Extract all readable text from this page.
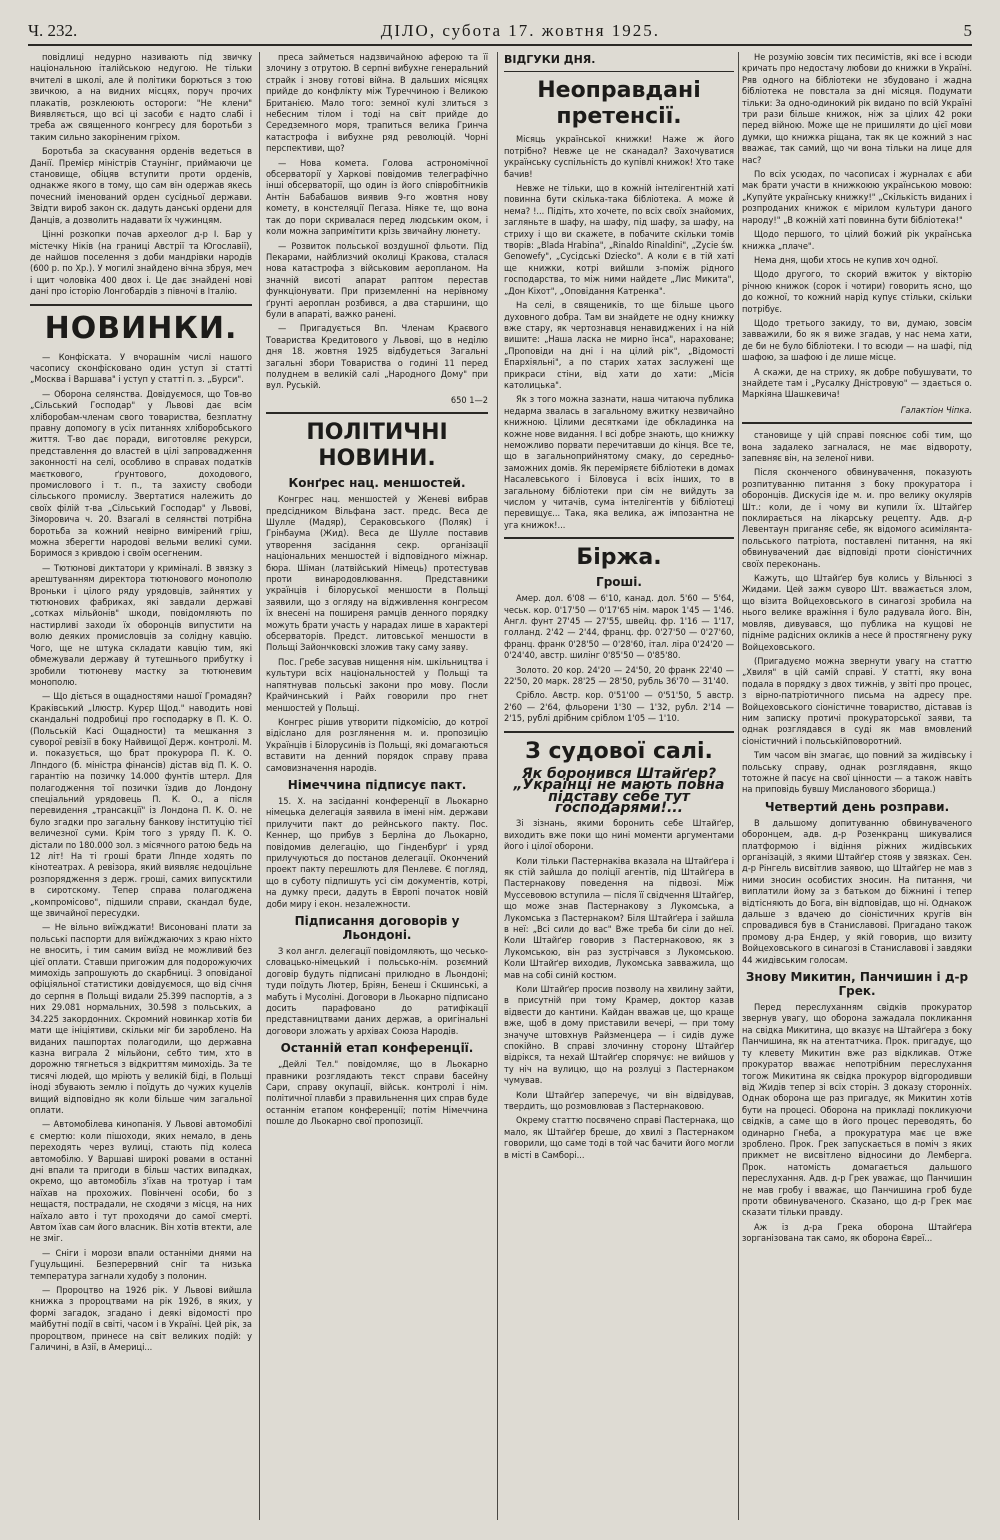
Ч. 232.	ДІЛО, субота 17. жовтня 1925.	5

повідлиці недурно називають під звичку національною італійською недугою. Не тільки вчителі в школі, але й політики борються з тою звичкою, а на видних місцях, поруч прочих плакатів, розклеюють остороги: "Не клени" Виявляється, що всі ці засоби є надто слабі і треба аж священного конгресу для боротьби з таким сильно закоріненим гріхом.

Боротьба за скасування орденів ведеться в Данії. Премієр міністрів Стаунінг, приймаючи це становище, обіцяв вступити проти орденів, однакже якого в тому, що сам він одержав якесь почесний іменований орден сусідньої держави. Звідти вироб закон ск. дадуть данські ордени для Данців, а дозволить надавати їх чужинцям.

Цінні розкопки почав археолог д-р І. Бар у містечку Ніків (на границі Австрії та Югославії), де найшов поселення з доби мандрівки народів (600 р. по Хр.). У могилі знайдено вічна збруя, меч і щит чоловіка 400 двох і. Це дає знайдені нові дані про історію Лонгобардів з півночі в Італію.

НОВИНКИ.

— Конфіската. У вчорашнім числі нашого часопису сконфісковано один уступ зі статті „Москва і Варшава" і уступ у статті п. з. „Бурси".

— Оборона селянства. Довідуємося, що Тов-во „Сільський Господар" у Львові дає всім хліборобам-членам свого товариства, безплатну правну допомогу в усіх питаннях хліборобського життя. Т-во дає поради, виготовляє рекурси, представлення до властей в цілі запровадження законності на селі, особливо в справах податків маєткового, ґрунтового, доходового, промислового і т. п., та захисту свободи сільського промислу. Звертатися належить до своїх філій т-ва „Сільський Господар" у Львові, Зіморовича ч. 20. Взагалі в селянстві потрібна боротьба за кожний невірно вимірений гріш, можна зберегти народові вельми великі суми. Боримося з кривдою і своїм осегненим.

— Тютюнові диктатори у криміналі. В звязку з арештуванням директора тютюнового монополю Вроньки і цілого ряду урядовців, зайнятих у тютюнових фабриках, якi завдали державі „сотках мільйонів" шкоди, повідомляють по настирливі заходи їх оборонців випустити на волю деяких промисловців за солідну кавцію. Чого, ще не штука складати кавцію тим, які обмежували державу й тутешнього прибутку і зробили тютюневу мастку за тютюневим монополю.

— Що діється в ощадностями нашої Громадян? Краківський „Ілюстр. Курєр Щод." наводить нові скандальні подробиці про господарку в П. К. О. (Польській Касі Ощадности) та мешкання з суворої ревізії в боку Найвищої Держ. контролі. М. и. показується, що брат прокурора П. К. О. Лпндого (б. міністра фінансів) дістав від П. К. О. гарантію на позичку 14.000 фунтів штерл. Для полагодження тої позички їздив до Лондону спеціальний урядовець П. К. О., а після перевидення „трансакції" із Лондона П. К. О. не було згадки про загальну банкову інституцію тієї величезної суми. Крім того з уряду П. К. О. дістали по 180.000 зол. з місячного ратою бедь на 12 літ! На ті гроші брати Лпнде ходять по кінотеатрах. А ревізора, який виявляє недоцільне розпорядження з держ. гроші, самих випусктили в сиротскому. Тепер справа полагоджена „компромісово", підшили справи, скандал буде, ще звичайної пересудки.

— Не вільно виїжджати! Висоновані плати за польські паспорти для виїжджаючих з краю ніхто не вносить, і тим самим виїзд не можливий без цієї оплати. Ставши пригожим для подорожуючих мимохідь запрошують до скарбниці. З оповіданої офіціяльної статистики довідуємося, що від січня до серпня в Польщі видали 25.399 паспортів, а з них 29.081 нормальних, 30.598 з польських, а 34.225 закордонних. Скромний новинкар хотів би мати ще ініціятиви, скільки міг би зароблено. На виданих пашпортах полагодили, що державна казна виграла 2 мільйони, себто тим, хто в дорожню тягнеться з відкриттям мимохідь. За те тисячі людей, що мріють у великій біді, в Польщі іноді збувають землю і поїдуть до чужих куцелів вищий відповідно як коли більше чим загальної оплати.

— Автомобілева кинопанія. У Львові автомобілі є смертю: коли пішоходи, яких немало, в день переходять через вулиці, стають під колеса автомобілю. У Варшаві широкі ровами в останні дні впали та пригоди в більш частих випадках, окремо, що автомобіль з'їхав на тротуар і там наїхав на прохожих. Повінчені особи, бо з нещастя, пострадали, не сходячи з місця, на них наїхало авто і тут проходячи до самої смерті. Автом їхав сам його власник. Він хотів втекти, але не зміг.

— Сніги і морози впали останніми днями на Гуцульщині. Безперервний сніг та низька температура загнали худобу з полонин.

— Пророцтво на 1926 рік. У Львові вийшла книжка з пророцтвами на рік 1926, в яких, у формі загадок, згадано і деякі відомості про майбутні події в світі, часом і в Україні. Цей рік, за пророцтвом, принесе на світ великих подій: у Галичині, в Азії, в Америці...

преса займеться надзвичайною аферою та її злочину з отрутою. В серпні вибухне генеральний страйк і знову готові війна. В дальших місяцях прийде до конфлікту між Туреччиною і Великою Британією. Мало того: земної кулі злиться з небесним тілом і тоді на світ прийде до Середземного моря, трапиться велика Гринча катастрофа і вибухне ряд революцій. Чорні перспективи, що?

— Нова комета. Голова астрономічної обсерваторії у Харкові повідомив телеграфічно інші обсерваторії, що один із його співробітників Антін Бабабашов виявив 9-го жовтня нову комету, в констеляції Пегаза. Ніяке те, що вона так до пори скривалася перед людським оком, і коли можна запримітити крізь звичайну люнету.

— Розвиток польської воздушної фльоти. Під Пекарами, найблизчий околиці Кракова, сталася нова катастрофа з військовим аеропланом. На значній висоті апарат раптом перестав функціонувати. При приземленні на нерівному ґрунті аероплан розбився, а два старшини, що були в апараті, важко ранені.

— Пригадується Вп. Членам Краєвого Товариства Кредитового у Львові, що в неділю дня 18. жовтня 1925 відбудеться Загальні загальні збори Товариства о годині 11 перед полуднем в великій салі „Народного Дому" при вул. Руській.

650 1—2

ПОЛІТИЧНІ НОВИНИ.
Конґрес нац. меншостей.

Конгрес нац. меншостей у Женеві вибрав предсідником Вільфана заст. предс. Веса де Шулле (Мадяр), Сераковського (Поляк) і Грінбаума (Жид). Веса де Шулле поставив утворення засідання секр. організації національних меншостей і відповідного міжнар. бюра. Шіман (латвійський Німець) протестував проти винародовлювання. Представники українців і білоруської меншости в Польщі заявили, що з огляду на відживлення конгресом їх внесені на поширеня рамців денного порядку можуть брати участь у нарадах лише в характері обсерваторів. Предст. литовської меншости в Польщі Зайончковскі зложив таку саму заяву.

Пос. Гребе засував нищення нім. шкільництва і культури всіх національностей у Польщі та напятнував польські закони про мову. Посли Крайчинський і Райх говорили про гнет меншостей у Польщі.

Конгрес рішив утворити підкомісію, до котрої відіслано для розглянення м. и. пропозицію Українців і Білорусинів із Польщі, які домагаються вставити на денний порядок справу права самовизначення народів.

Німеччина підписує пакт.

15. X. на засіданні конференції в Льокарно німецька делегація заявила в імені нім. держави прилучити пакт до рейнського пакту. Пос. Кеннер, що прибув з Берліна до Льокарно, повідомив делегацію, що Гінденбурґ і уряд прилучуються до постанов делегації. Окончений проект пакту перешлють для Пенлеве. Є погляд, що в суботу підпишуть усі сім документів, котрі, на думку преси, дадуть в Европі початок новій доби миру і екон. незалежности.

Підписання договорів у Льондоні.

З кол англ. делегації повідомляють, що чесько-словацько-німецький і польсько-нім. розємний договір будуть підписані прилюдно в Льондоні; туди поїдуть Лютер, Бріян, Бенеш і Скшинські, а мабуть і Мусоліні. Договори в Льокарно підписано досить парафовано до ратифікації представництвами даних держав, а оригінальні договори зложать у архівах Союза Народів.

Останній етап конференції.

„Дейлі Тел." повідомляє, що в Льокарно правники розглядають текст справи басейну Сари, справу окупації, військ. контролі і нім. політичної плавби з правильнення цих справ буде останнім етапом конференції; потім Німеччина пошле до Льокарно свої пропозиції.

ВІДГУКИ ДНЯ.
Неоправдані претенсії.

Місяць українськoї книжки! Наже ж його потрібно? Невже це не сканадал? Захочуватися українську суспільність до купівлі книжок! Хто таке бачив!

Невже не тільки, що в кожній інтелігентній хаті повинна бути скількa-така бібліотека. А може й нема? !... Підіть, хто хочете, по всіх своїх знайомих, загляньте в шафу, на шафу, під шафу, за шафу, на стриху і що ви скажете, в побачите скільки томів творів: „Blada Hrabina", „Rinaldo Rinaldini", „Zycie św. Genowefy", „Сусідські Dzieckо". А коли є в тій хаті ще книжки, котрі вийшли з-поміж рідного господарства, то між ними найдете „Лис Микита", „Дон Кіхот", „Оповідання Катренка".

На селі, в священиків, то ще більше цього духовного добра. Там ви знайдете не одну книжку вже стару, як чертознавця ненавиджених і на ній вишите: „Наша ласка не мирно їнса", нараховане; „Проповіди на дні і на цілий рік", „Відомості Епархіяльні", а по старих хатах заслужені ще прикраси стіни, від хати до хати: „Місія католицька".

Як з того можна зазнати, наша читаюча публика недарма звалась в загальному вжитку незвичайно книжною. Цілими десятками іде обкладинка на кожне нове видання. І всі добре знають, що книжку неможливо порвати перечитавши до кінця. Все те, що в загальноприйнятому смаку, до середньо-заможних домів. Як переміряєте бібліотеки в домах Насалевського і Біловуса і всіх інших, то в загальному бібліотеки при сім не вийдуть за числом у читачів, сума інтелігентів у бібліотеці перевищує... Така, яка велика, аж імпозантна не уга книжок!...

Біржа.
Гроші.

Амер. дол. 6'08 — 6'10, канад. дол. 5'60 — 5'64, чеськ. кор. 0'17'50 — 0'17'65 нім. марок 1'45 — 1'46. Англ. фунт 27'45 — 27'55, швейц. фр. 1'16 — 1'17, голланд. 2'42 — 2'44, франц. фр. 0'27'50 — 0'27'60, франц. франк 0'28'50 — 0'28'60, італ. ліра 0'24'20 — 0'24'40, австр. шилінг 0'85'50 — 0'85'80.

Золото. 20 кор. 24'20 — 24'50, 20 франк 22'40 — 22'50, 20 марк. 28'25 — 28'50, рубль 36'70 — 31'40.

Срібло. Австр. кор. 0'51'00 — 0'51'50, 5 австр. 2'60 — 2'64, фльорени 1'30 — 1'32, рубл. 2'14 — 2'15, рублі дрібним сріблом 1'05 — 1'10.

З судової салі.
Як боронився Штайґер? „Українці не мають повна підставу себе тут господарями!...

Зі зізнань, якими боронить себе Штайґер, виходить вже поки що нині моменти аргументами його і цілої оборони.

Коли тільки Пастернаківа вказала на Штайґера і як стій зайшла до поліції агентів, під Штайґера в Пастернакову поведення на підвозі. Між Муссевовою вступила — після її свідчення Штайґер, що може знав Пастернакову з Лукомська, а Лукомська з Пастернаком? Біля Штайґера і зайшла в неї: „Всі сили до вас" Вже треба би сіли до неї. Коли Штайґер говорив з Пастернаковою, як з Лукомською, він раз зустрічався з Лукомською. Коли Штайґер виходив, Лукомська завважила, що мав на собі синій костюм.

Коли Штайґер просив позволу на хвилину зайти, в присутній при тому Крамер, доктор казав відвести до кантини. Кайдан вважав це, що краще вже, щоб в дому приставили вечері, — при тому значуче штовхнув Райзменцера — і сидів дуже спокійно. В справі злочинну сторону Штайґер відрікся, та нехай Штайґер спорячує: не вийшов у ту ніч на вулицю, що на розлуці з Пастернаком чумував.

Коли Штайґер заперечує, чи він відвідував, твердить, що розмовлював з Пастернаковою.

Окрему статтю посвячено справі Пастернака, що мало, як Штайґер бреше, до хвилі з Пастернаком говорили, що саме тоді в той час бачити його могли в місті в Самборі...

Не розумію зовсім тих песимістів, які все і всюди кричать про недостачу любови до книжки в Україні. Ряв одного на бібліотеки не збудовано і жадна бібліотека не повстала за дні місяця. Подумати тільки: За одно-одинокий рік видано по всій Україні три рази більше книжок, ніж за цілих 42 роки перед війною. Може ще не пришиляти до цієї мови думки, що книжка ріщана, так як це кожний з нас вважає, так самий, що чи вона тільки на лице для нас?

По всіх усюдах, по часописах і журналах є аби мак брати участи в книжкоюю українською мовою: „Купуйте українську книжку!" „Скількість виданих і розпроданих книжок є мірилом культури даного народу!" „В кожній хаті повинна бути бібліотека!"

Щодо першого, то цілий божий рік українська книжка „плаче".

Нема дня, щоби хтось не купив хоч одної.

Щодо другого, то скорий вжиток у вікторію річною книжок (сорок і чотири) говорить ясно, що до кожної, то кожний нарід купує стільки, скільки потрібує.

Щодо третього закиду, то ви, думаю, зовсім завважили, бо як я виже згадав, у нас нема хати, де би не було бібліотеки. І то всюди — на шафі, під шафою, за шафою і де лише місце.

А скажи, де на стриху, як добре побушувати, то знайдете там і „Русалку Дністровую" — здається о. Маркіяна Шашкевича!

Галактіон Чіпка.

становище у цій справі пояснює собі тим, що вона задалеко загналася, не має відвороту, запевняє він, на зеленої ниви.

Після сконченого обвинувачення, показують розпитуванню питання з боку прокуратора і оборонців. Дискусія іде м. и. про велику окулярів Шт.: коли, де і чому ви купили їх. Штайґер поклирається на лікарську рецепту. Адв. д-р Левентаун приганяє себе, як відомого асимілянта-польського патріота, поставлені питання, на які обвинувачений дає відповіді проти сіоністичних своїх переконань.

Кажуть, що Штайґер був колись у Вільнюсі з Жидами. Цей зажм суворо Шт. вважається злом, що візита Войцеховського в синагозі зробила на нього велике вражіння і було радувала його. Він, мовляв, дивувався, що публика на кущові не підніме радісних окликів а несе й простягнену руку Войцеховського.

(Пригадуємо можна звернути увагу на статтю „Хвиля" в цій самій справі. У статті, яку вона подала в порядку з двох тижнів, у звіті про процес, з вірно-патріотичного письма на адресу пре. Войцеховського сіоністичне товариство, діставав із ним записку протичі прокураторської заяви, та однак розглядався в суді як мав вмовлений сіоністичний і польськійповоротний.

Тим часом він змагає, що повний за жидівську і польську справу, однак розглядавня, якщо тотожне й пасує на свої цінности — а також навіть на приповідь бувшу Мисланового зборища.)

Четвертий день розправи.

В дальшому допитуванню обвинуваченого оборонцем, адв. д-р Розенкранц шикувалися платформою і відіння ріжних жидівських організацій, з якими Штайґер стояв у звязках. Сен. д-р Рінгель висвітлив заявою, що Штайґер не мав з ними зносин особистих зносин. На питання, чи виплатили йому за з батьком до біжнині і тепер відтісняють до Бога, він відповідав, що ні. Однакож дальше з вдачею до сіоністичних кругів він спровадився був в Станиславові. Пригадано також промову д-ра Ендер, у якій говорив, що визиту Войцеховського в синагозі в Станиславові і завдяки 44 жидівським голосам.

Знову Микитин, Панчишин і д-р Грек.

Перед переслуханням свідків прокуратор звернув увагу, що оборона зажадала покликання на свідка Микитина, що вказує на Штайґера з боку Панчишина, як на атентатчика. Прок. пригадує, що ту клевету Микитин вже раз відкликав. Отже прокуратор вважає непотрібним переслухання тогож Микитина як свідка прокурор відгородивши від Жидів тепер зі всіх сторін. З доказу сторонніх. Однак оборона ще раз пригадує, як Микитин хотів бути на процесі. Оборона на прикладі покликуючи свідків, а саме що в його процес переводять, бо одинарно Гнеба, а прокуратура має це вже зроблено. Прок. Грек запускається в поміч з яких прикмет не висвітлено відносини до Лемберга. Прок. натомість домагається дальшого переслухання. Адв. д-р Грек уважає, що Панчишин не мав гробу і вважає, що Панчишина гроб буде проти обвинуваченого. Сказано, що д-р Грек має сказати тільки правду.

Аж із д-ра Грека оборона Штайґера зорганізована так само, як оборона Євреї...
